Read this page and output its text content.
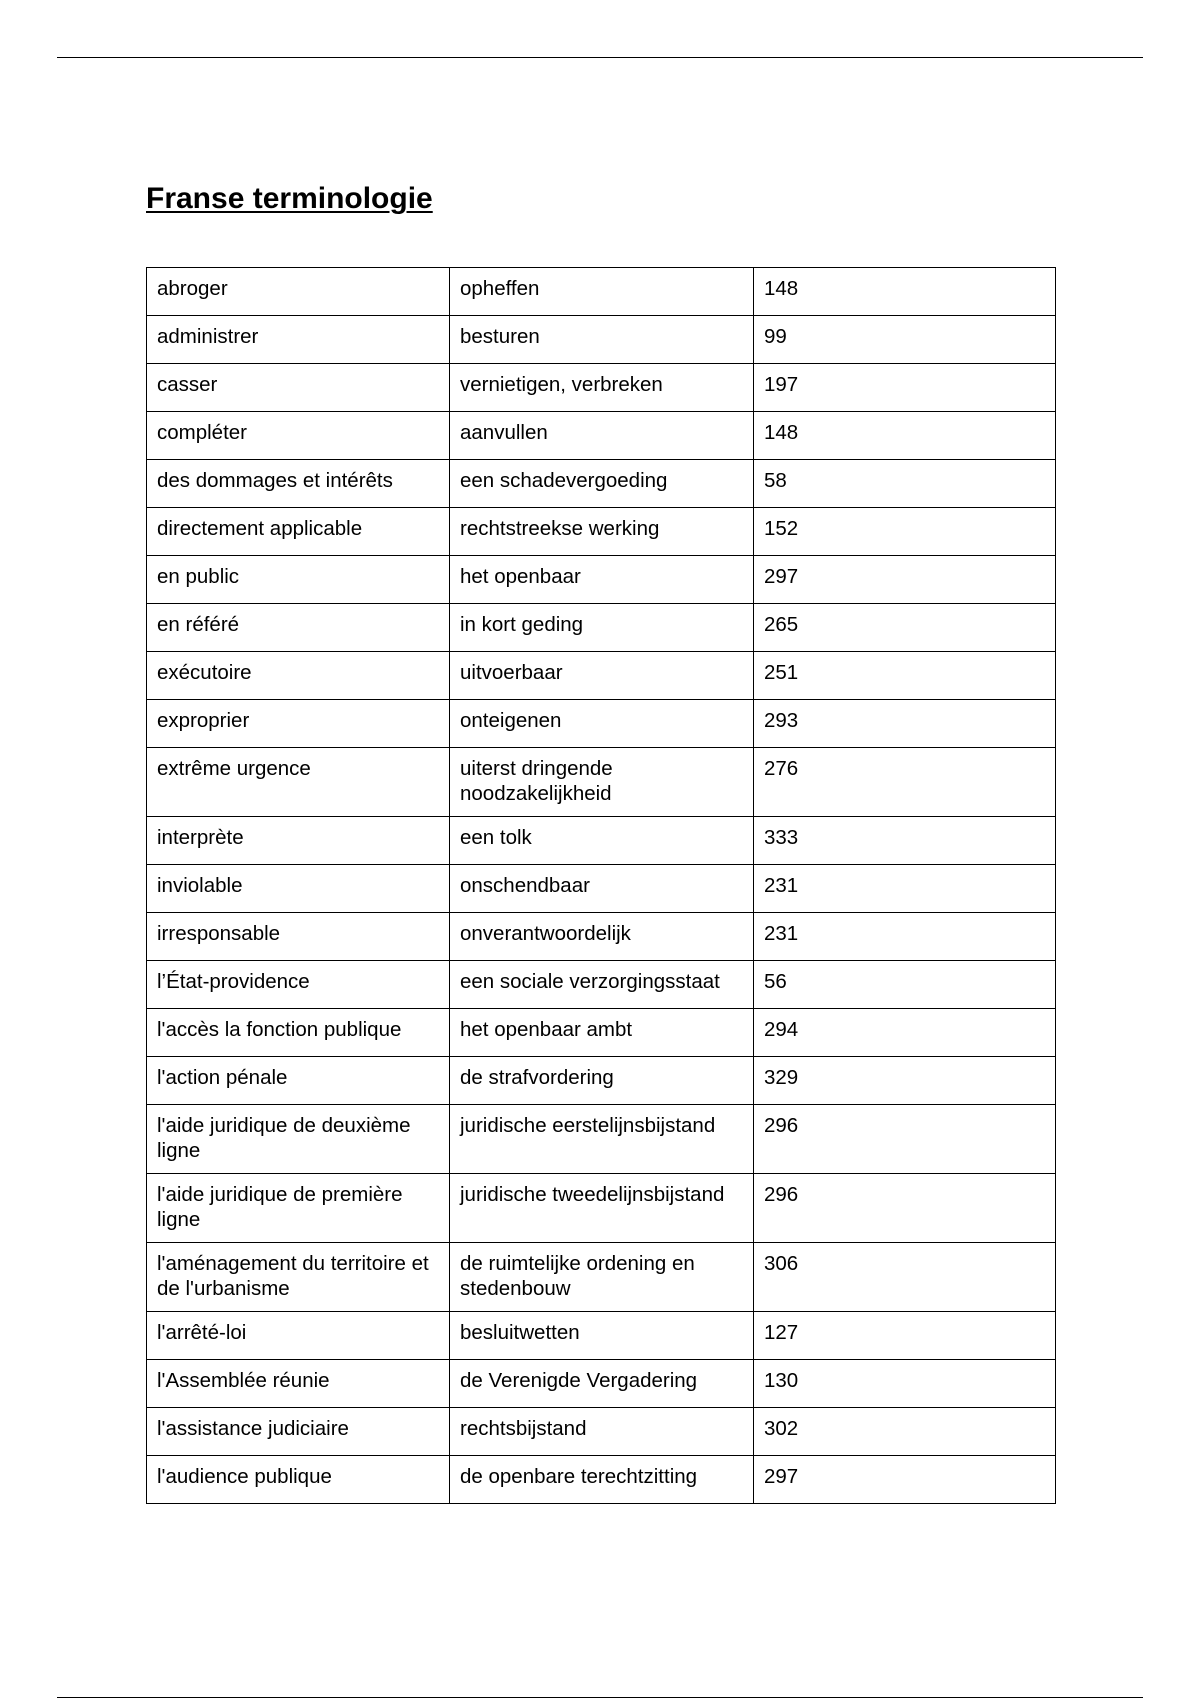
Franse terminologie
abroger	opheffen	148
administrer	besturen	99
casser	vernietigen, verbreken	197
compléter	aanvullen	148
des dommages et intérêts	een schadevergoeding	58
directement applicable	rechtstreekse werking	152
en public	het openbaar	297
en référé	in kort geding	265
exécutoire	uitvoerbaar	251
exproprier	onteigenen	293
extrême urgence	uiterst dringende noodzakelijkheid	276
interprète	een tolk	333
inviolable	onschendbaar	231
irresponsable	onverantwoordelijk	231
l’État-providence	een sociale verzorgingsstaat	56
l'accès la fonction publique	het openbaar ambt	294
l'action pénale	de strafvordering	329
l'aide juridique de deuxième ligne	juridische eerstelijnsbijstand	296
l'aide juridique de première ligne	juridische tweedelijnsbijstand	296
l'aménagement du territoire et de l'urbanisme	de ruimtelijke ordening en stedenbouw	306
l'arrêté-loi	besluitwetten	127
l'Assemblée réunie	de Verenigde Vergadering	130
l'assistance judiciaire	rechtsbijstand	302
l'audience publique	de openbare terechtzitting	297
